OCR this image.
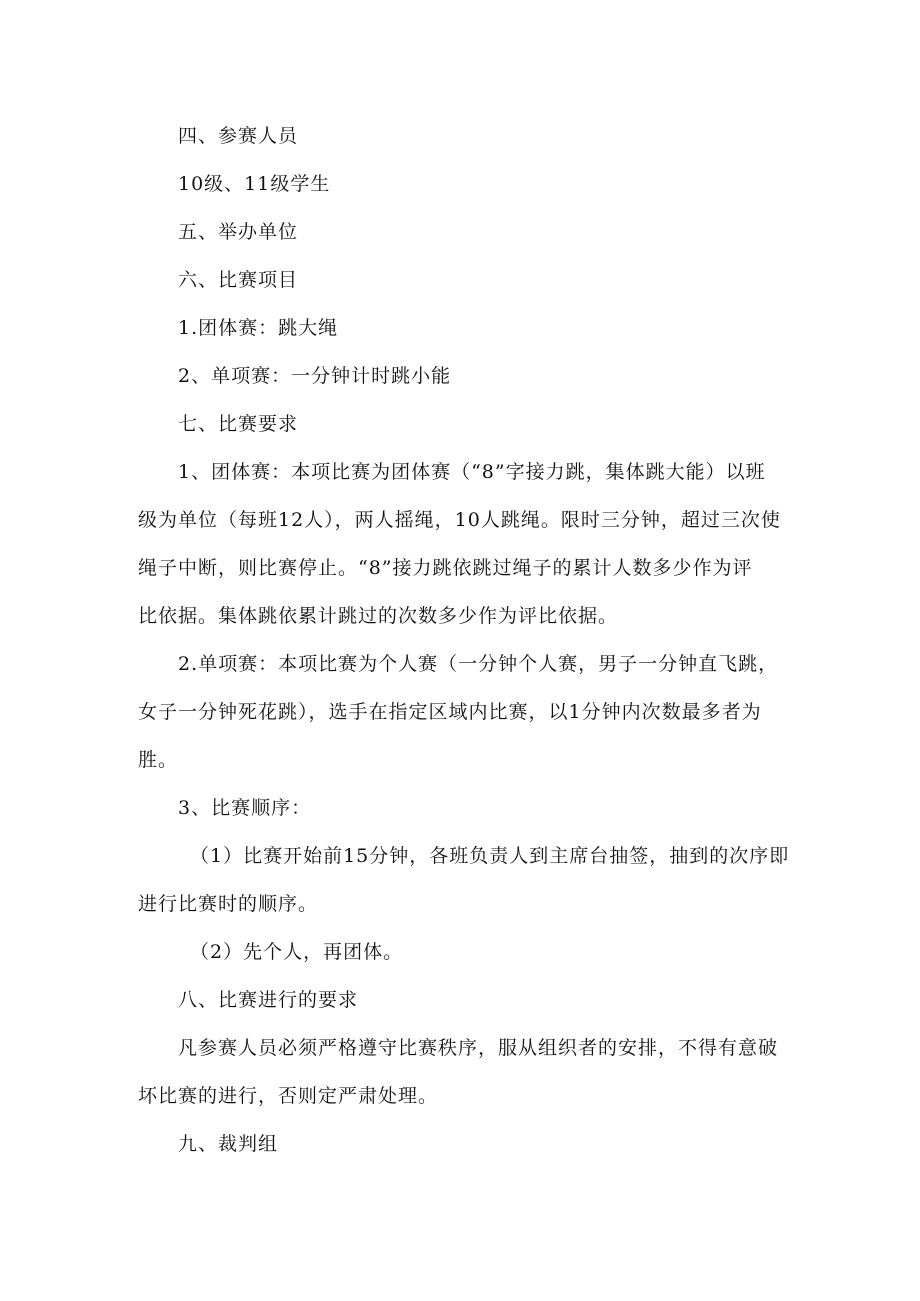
四、参赛人员
10级、11级学生
五、举办单位
六、比赛项目
1.团体赛：跳大绳
2、单项赛：一分钟计时跳小能
七、比赛要求
1、团体赛：本项比赛为团体赛（“8”字接力跳，集体跳大能）以班
级为单位（每班12人），两人摇绳，10人跳绳。限时三分钟，超过三次使
绳子中断，则比赛停止。“8”接力跳依跳过绳子的累计人数多少作为评
比依据。集体跳依累计跳过的次数多少作为评比依据。
2.单项赛：本项比赛为个人赛（一分钟个人赛，男子一分钟直飞跳，
女子一分钟死花跳），选手在指定区域内比赛，以1分钟内次数最多者为
胜。
3、比赛顺序：
（1）比赛开始前15分钟，各班负责人到主席台抽签，抽到的次序即
进行比赛时的顺序。
（2）先个人，再团体。
八、比赛进行的要求
凡参赛人员必须严格遵守比赛秩序，服从组织者的安排，不得有意破
坏比赛的进行，否则定严肃处理。
九、裁判组
